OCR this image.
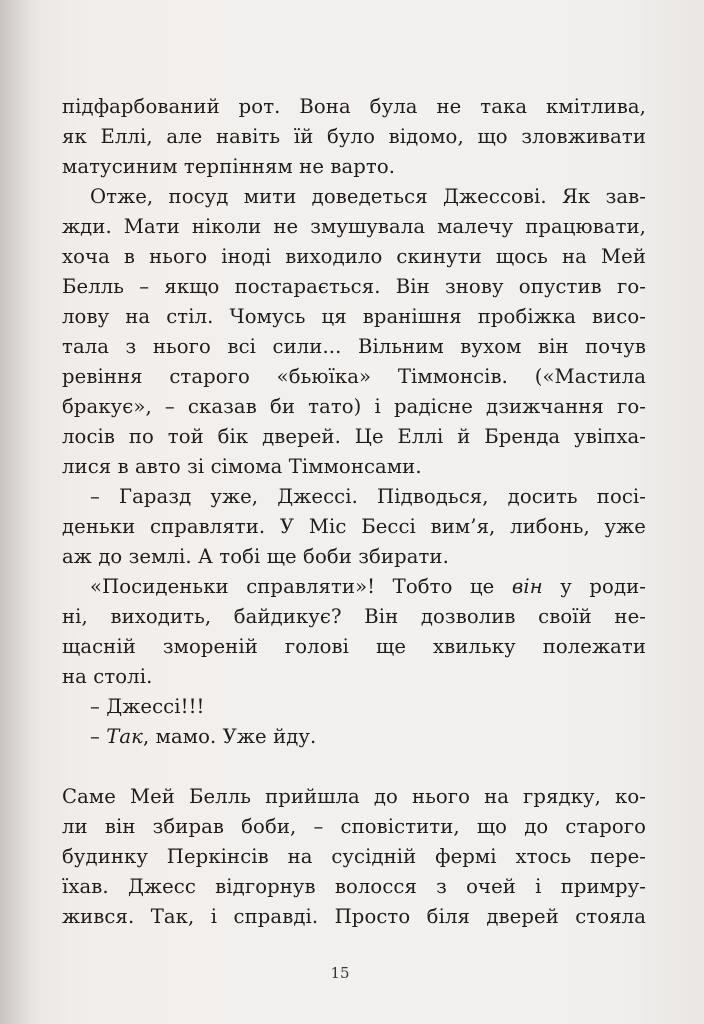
підфарбований рот. Вона була не така кмітлива,
як Еллі, але навіть їй було відомо, що зловживати
матусиним терпінням не варто.
Отже, посуд мити доведеться Джессові. Як зав-
жди. Мати ніколи не змушувала малечу працювати,
хоча в нього іноді виходило скинути щось на Мей
Белль – якщо постарається. Він знову опустив го-
лову на стіл. Чомусь ця вранішня пробіжка висо-
тала з нього всі сили... Вільним вухом він почув
ревіння старого «бьюїка» Тіммонсів. («Мастила
бракує», – сказав би тато) і радісне дзижчання го-
лосів по той бік дверей. Це Еллі й Бренда увіпха-
лися в авто зі сімома Тіммонсами.
– Гаразд уже, Джессі. Підводься, досить посі-
деньки справляти. У Міс Бессі вим’я, либонь, уже
аж до землі. А тобі ще боби збирати.
«Посиденьки справляти»! Тобто це він у роди-
ні, виходить, байдикує? Він дозволив своїй не-
щасній змореній голові ще хвильку полежати
на столі.
– Джессі!!!
– Так, мамо. Уже йду.
Саме Мей Белль прийшла до нього на грядку, ко-
ли він збирав боби, – сповістити, що до старого
будинку Перкінсів на сусідній фермі хтось пере-
їхав. Джесс відгорнув волосся з очей і примру-
жився. Так, і справді. Просто біля дверей стояла
15
